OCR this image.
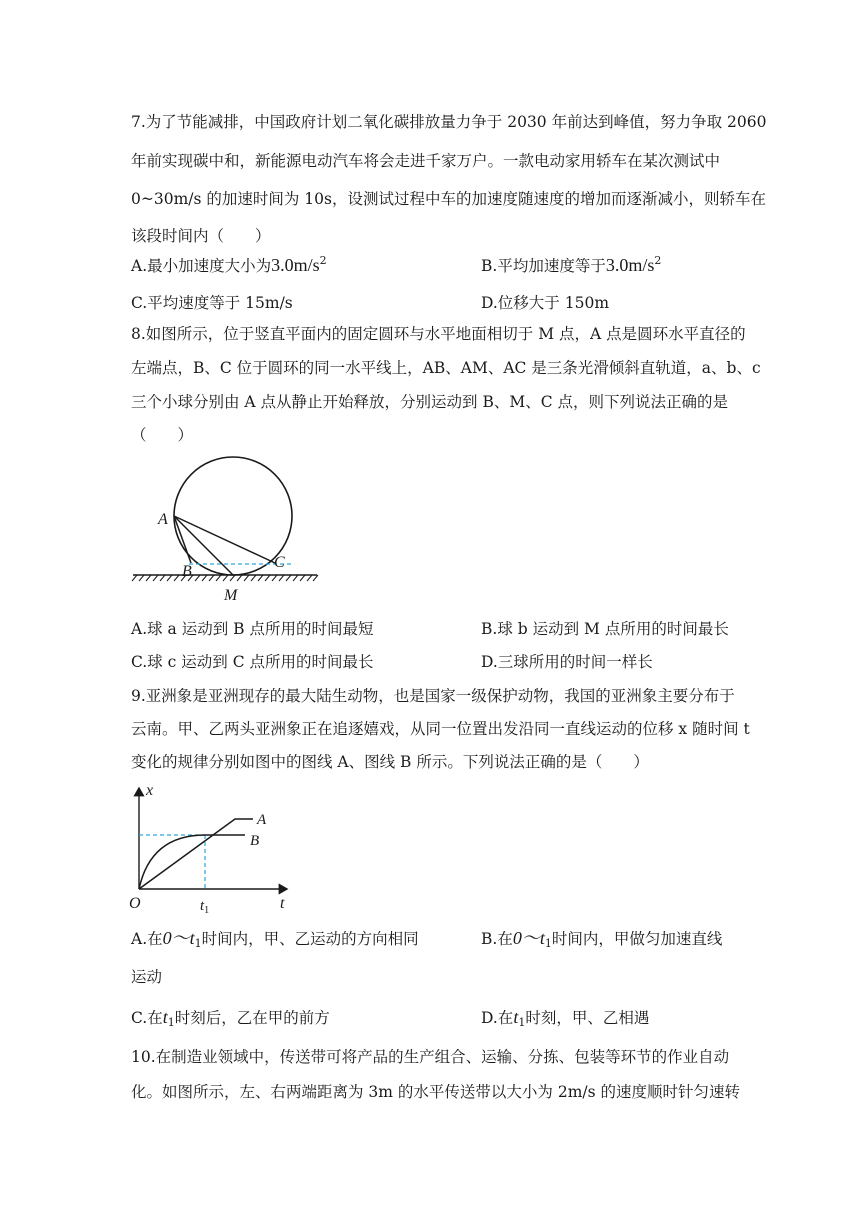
7.为了节能减排，中国政府计划二氧化碳排放量力争于 2030 年前达到峰值，努力争取 2060
年前实现碳中和，新能源电动汽车将会走进千家万户。一款电动家用轿车在某次测试中
0~30m/s 的加速时间为 10s，设测试过程中车的加速度随速度的增加而逐渐减小，则轿车在
该段时间内（　　）
A.最小加速度大小为$3.0m/s^2$	B.平均加速度等于$3.0m/s^2$
C.平均速度等于 15m/s	D.位移大于 150m
8.如图所示，位于竖直平面内的固定圆环与水平地面相切于 M 点，A 点是圆环水平直径的
左端点，B、C 位于圆环的同一水平线上，AB、AM、AC 是三条光滑倾斜直轨道，a、b、c
三个小球分别由 A 点从静止开始释放，分别运动到 B、M、C 点，则下列说法正确的是
（　　）
A
B
C
M
A.球 a 运动到 B 点所用的时间最短	B.球 b 运动到 M 点所用的时间最长
C.球 c 运动到 C 点所用的时间最长	D.三球所用的时间一样长
9.亚洲象是亚洲现存的最大陆生动物，也是国家一级保护动物，我国的亚洲象主要分布于
云南。甲、乙两头亚洲象正在追逐嬉戏，从同一位置出发沿同一直线运动的位移 x 随时间 t
变化的规律分别如图中的图线 A、图线 B 所示。下列说法正确的是（　　）
x
t
O	$t_1$
A
B
A.在$0\sim t_1$时间内，甲、乙运动的方向相同	B.在$0\sim t_1$时间内，甲做匀加速直线
运动
C.在$t_1$时刻后，乙在甲的前方	D.在$t_1$时刻，甲、乙相遇
10.在制造业领域中，传送带可将产品的生产组合、运输、分拣、包装等环节的作业自动
化。如图所示，左、右两端距离为 3m 的水平传送带以大小为 2m/s 的速度顺时针匀速转
